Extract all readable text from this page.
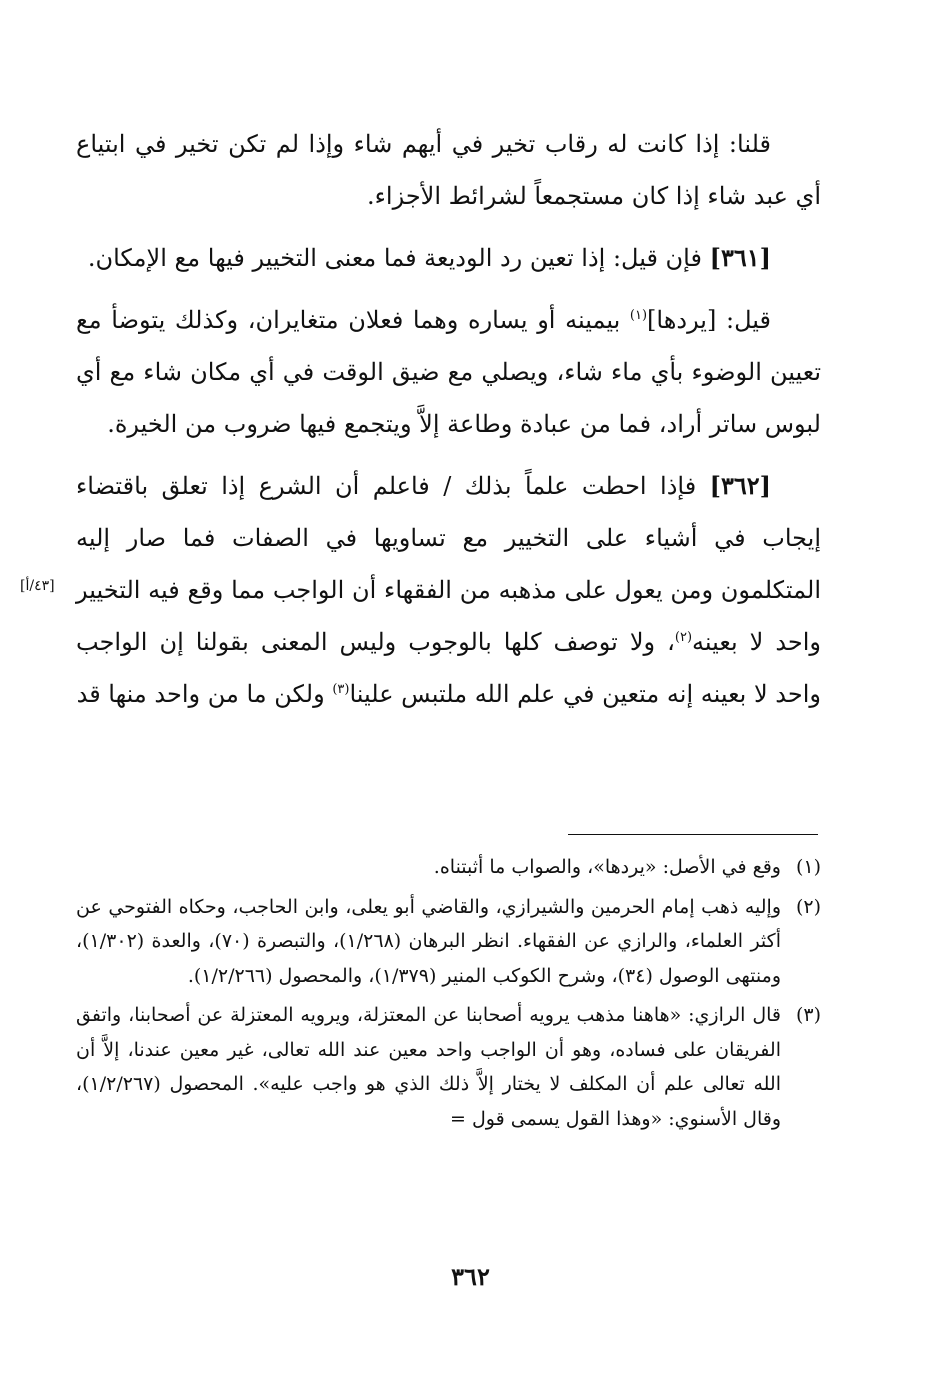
قلنا: إذا كانت له رقاب تخير في أيهم شاء وإذا لم تكن تخير في ابتياع أي عبد شاء إذا كان مستجمعاً لشرائط الأجزاء.

[٣٦١] فإن قيل: إذا تعين رد الوديعة فما معنى التخيير فيها مع الإمكان.

قيل: [يردها]$^{(١)}$ بيمينه أو يساره وهما فعلان متغايران، وكذلك يتوضأ مع تعيين الوضوء بأي ماء شاء، ويصلي مع ضيق الوقت في أي مكان شاء مع أي لبوس ساتر أراد، فما من عبادة وطاعة إلاَّ ويتجمع فيها ضروب من الخيرة.

[٣٦٢] فإذا احطت علماً بذلك / فاعلم أن الشرع إذا تعلق باقتضاء إيجاب في أشياء على التخيير مع تساويها في الصفات فما صار إليه المتكلمون ومن يعول على مذهبه من الفقهاء أن الواجب مما وقع فيه التخيير واحد لا بعينه$^{(٢)}$، ولا توصف كلها بالوجوب وليس المعنى بقولنا إن الواجب واحد لا بعينه إنه متعين في علم الله ملتبس علينا$^{(٣)}$ ولكن ما من واحد منها قد

[٤٣/أ]
(١)
وقع في الأصل: «يردها»، والصواب ما أثبتناه.
(٢)
وإليه ذهب إمام الحرمين والشيرازي، والقاضي أبو يعلى، وابن الحاجب، وحكاه الفتوحي عن أكثر العلماء، والرازي عن الفقهاء. انظر البرهان (١/٢٦٨)، والتبصرة (٧٠)، والعدة (١/٣٠٢)، ومنتهى الوصول (٣٤)، وشرح الكوكب المنير (١/٣٧٩)، والمحصول (١/٢/٢٦٦).
(٣)
قال الرازي: «هاهنا مذهب يرويه أصحابنا عن المعتزلة، ويرويه المعتزلة عن أصحابنا، واتفق الفريقان على فساده، وهو أن الواجب واحد معين عند الله تعالى، غير معين عندنا، إلاَّ أن الله تعالى علم أن المكلف لا يختار إلاَّ ذلك الذي هو واجب عليه». المحصول (١/٢/٢٦٧)، وقال الأسنوي: «وهذا القول يسمى قول =
٣٦٢
